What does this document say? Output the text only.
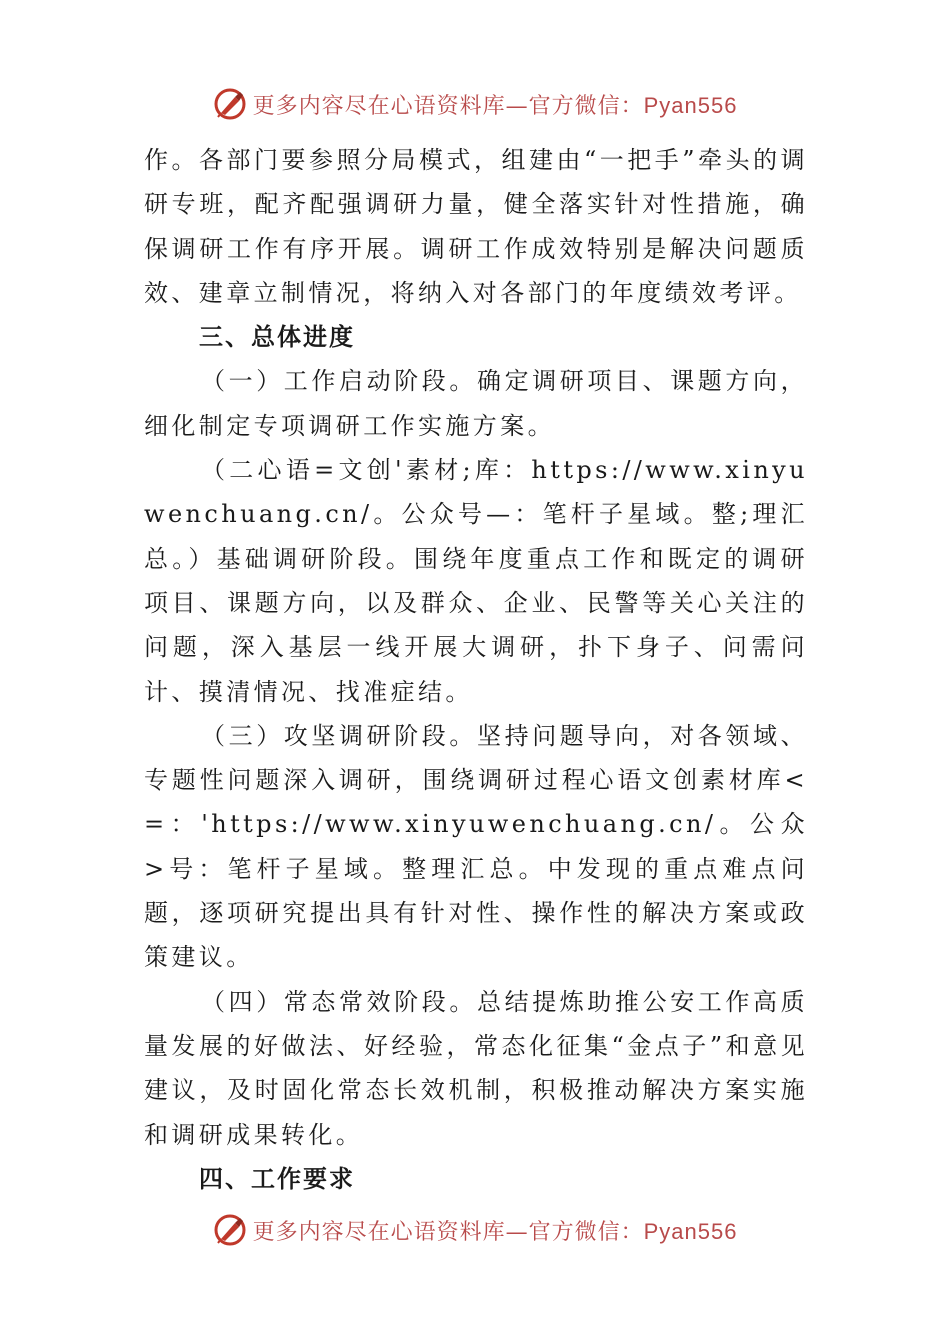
更多内容尽在心语资料库—官方微信：Pyan556

作。各部门要参照分局模式，组建由“一把手”牵头的调研专班，配齐配强调研力量，健全落实针对性措施，确保调研工作有序开展。调研工作成效特别是解决问题质效、建章立制情况，将纳入对各部门的年度绩效考评。

三、总体进度

（一）工作启动阶段。确定调研项目、课题方向，细化制定专项调研工作实施方案。

（二心语=文创'素材;库：https://www.xinyuwenchuang.cn/。公众号—：笔杆子星域。整;理汇总。）基础调研阶段。围绕年度重点工作和既定的调研项目、课题方向，以及群众、企业、民警等关心关注的问题，深入基层一线开展大调研，扑下身子、问需问计、摸清情况、找准症结。

（三）攻坚调研阶段。坚持问题导向，对各领域、专题性问题深入调研，围绕调研过程心语文创素材库<=：'https://www.xinyuwenchuang.cn/。公众>号：笔杆子星域。整理汇总。中发现的重点难点问题，逐项研究提出具有针对性、操作性的解决方案或政策建议。

（四）常态常效阶段。总结提炼助推公安工作高质量发展的好做法、好经验，常态化征集“金点子”和意见建议，及时固化常态长效机制，积极推动解决方案实施和调研成果转化。

四、工作要求

更多内容尽在心语资料库—官方微信：Pyan556
